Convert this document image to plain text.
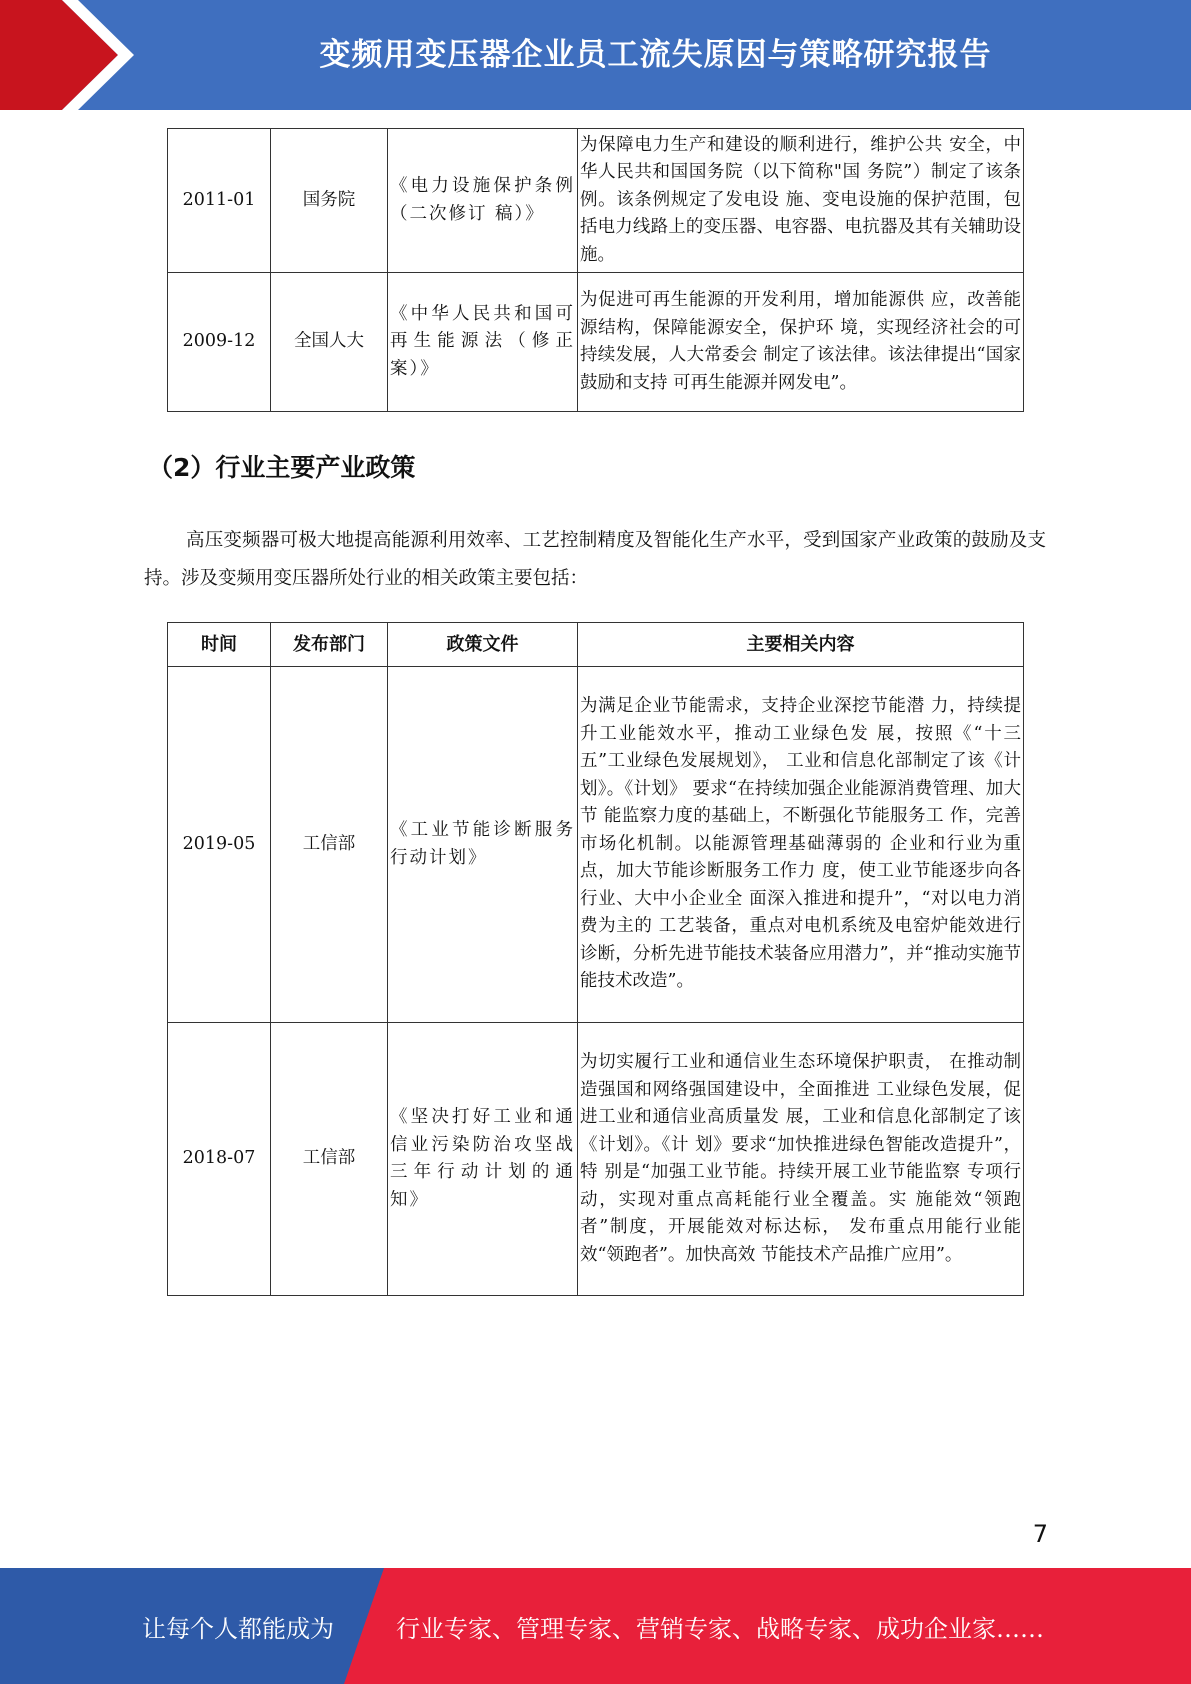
变频用变压器企业员工流失原因与策略研究报告
2011-01	国务院	《电力设施保护条例（二次修订 稿）》	为保障电力生产和建设的顺利进行，维护公共 安全，中华人民共和国国务院（以下简称"国 务院”）制定了该条例。该条例规定了发电设 施、变电设施的保护范围，包括电力线路上的变压器、电容器、电抗器及其有关辅助设施。
2009-12	全国人大	《中华人民共和国可再生能源法（修正案）》	为促进可再生能源的开发利用，增加能源供 应，改善能源结构，保障能源安全，保护环 境，实现经济社会的可持续发展，人大常委会 制定了该法律。该法律提出“国家鼓励和支持 可再生能源并网发电”。
（2）行业主要产业政策

高压变频器可极大地提高能源利用效率、工艺控制精度及智能化生产水平，受到国家产业政策的鼓励及支持。涉及变频用变压器所处行业的相关政策主要包括：

时间	发布部门	政策文件	主要相关内容
2019-05	工信部	《工业节能诊断服务行动计划》	为满足企业节能需求，支持企业深挖节能潜 力，持续提升工业能效水平，推动工业绿色发 展，按照《“十三五”工业绿色发展规划》， 工业和信息化部制定了该《计划》。《计划》 要求“在持续加强企业能源消费管理、加大节 能监察力度的基础上，不断强化节能服务工 作，完善市场化机制。以能源管理基础薄弱的 企业和行业为重点，加大节能诊断服务工作力 度，使工业节能逐步向各行业、大中小企业全 面深入推进和提升”，“对以电力消费为主的 工艺装备，重点对电机系统及电窑炉能效进行 诊断，分析先进节能技术装备应用潜力”，并“推动实施节能技术改造”。
2018-07	工信部	《坚决打好工业和通信业污染防治攻坚战三年行动计划的通知》	为切实履行工业和通信业生态环境保护职责， 在推动制造强国和网络强国建设中，全面推进 工业绿色发展，促进工业和通信业高质量发 展，工业和信息化部制定了该《计划》。《计 划》要求“加快推进绿色智能改造提升”，特 别是“加强工业节能。持续开展工业节能监察 专项行动，实现对重点高耗能行业全覆盖。实 施能效“领跑者”制度，开展能效对标达标， 发布重点用能行业能效“领跑者”。加快高效 节能技术产品推广应用”。
7
让每个人都能成为	行业专家、管理专家、营销专家、战略专家、成功企业家……
